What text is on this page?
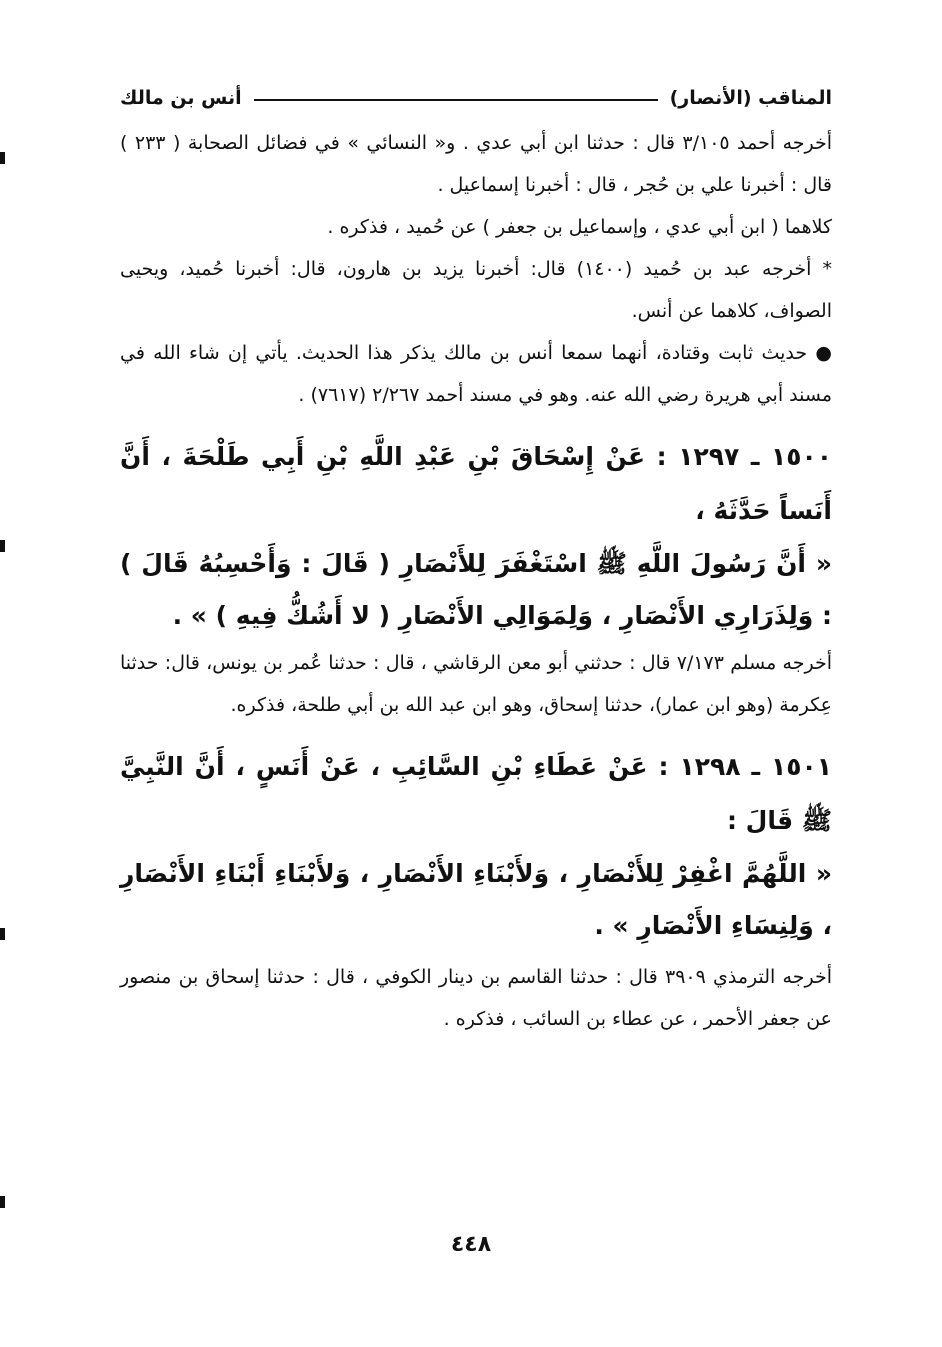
المناقب (الأنصار)
أنس بن مالك
أخرجه أحمد ٣/١٠٥ قال : حدثنا ابن أبي عدي . و« النسائي » في فضائل الصحابة ( ٢٣٣ ) قال : أخبرنا علي بن حُجر ، قال : أخبرنا إسماعيل .
كلاهما ( ابن أبي عدي ، وإسماعيل بن جعفر ) عن حُميد ، فذكره .
* أخرجه عبد بن حُميد (١٤٠٠) قال: أخبرنا يزيد بن هارون، قال: أخبرنا حُميد، ويحيى الصواف، كلاهما عن أنس.
● حديث ثابت وقتادة، أنهما سمعا أنس بن مالك يذكر هذا الحديث. يأتي إن شاء الله في مسند أبي هريرة رضي الله عنه. وهو في مسند أحمد ٢/٢٦٧ (٧٦١٧) .
١٥٠٠ ـ ١٢٩٧ : عَنْ إِسْحَاقَ بْنِ عَبْدِ اللَّهِ بْنِ أَبِي طَلْحَةَ ، أَنَّ أَنَساً حَدَّثَهُ ،
« أَنَّ رَسُولَ اللَّهِ ﷺ اسْتَغْفَرَ لِلأَنْصَارِ ( قَالَ : وَأَحْسِبُهُ قَالَ ) : وَلِذَرَارِي الأَنْصَارِ ، وَلِمَوَالِي الأَنْصَارِ ( لا أَشُكُّ فِيهِ ) » .
أخرجه مسلم ٧/١٧٣ قال : حدثني أبو معن الرقاشي ، قال : حدثنا عُمر بن يونس، قال: حدثنا عِكرمة (وهو ابن عمار)، حدثنا إسحاق، وهو ابن عبد الله بن أبي طلحة، فذكره.
١٥٠١ ـ ١٢٩٨ : عَنْ عَطَاءِ بْنِ السَّائِبِ ، عَنْ أَنَسٍ ، أَنَّ النَّبِيَّ ﷺ قَالَ :
« اللَّهُمَّ اغْفِرْ لِلأَنْصَارِ ، وَلأَبْنَاءِ الأَنْصَارِ ، وَلأَبْنَاءِ أَبْنَاءِ الأَنْصَارِ ، وَلِنِسَاءِ الأَنْصَارِ » .
أخرجه الترمذي ٣٩٠٩ قال : حدثنا القاسم بن دينار الكوفي ، قال : حدثنا إسحاق بن منصور عن جعفر الأحمر ، عن عطاء بن السائب ، فذكره .
٤٤٨
